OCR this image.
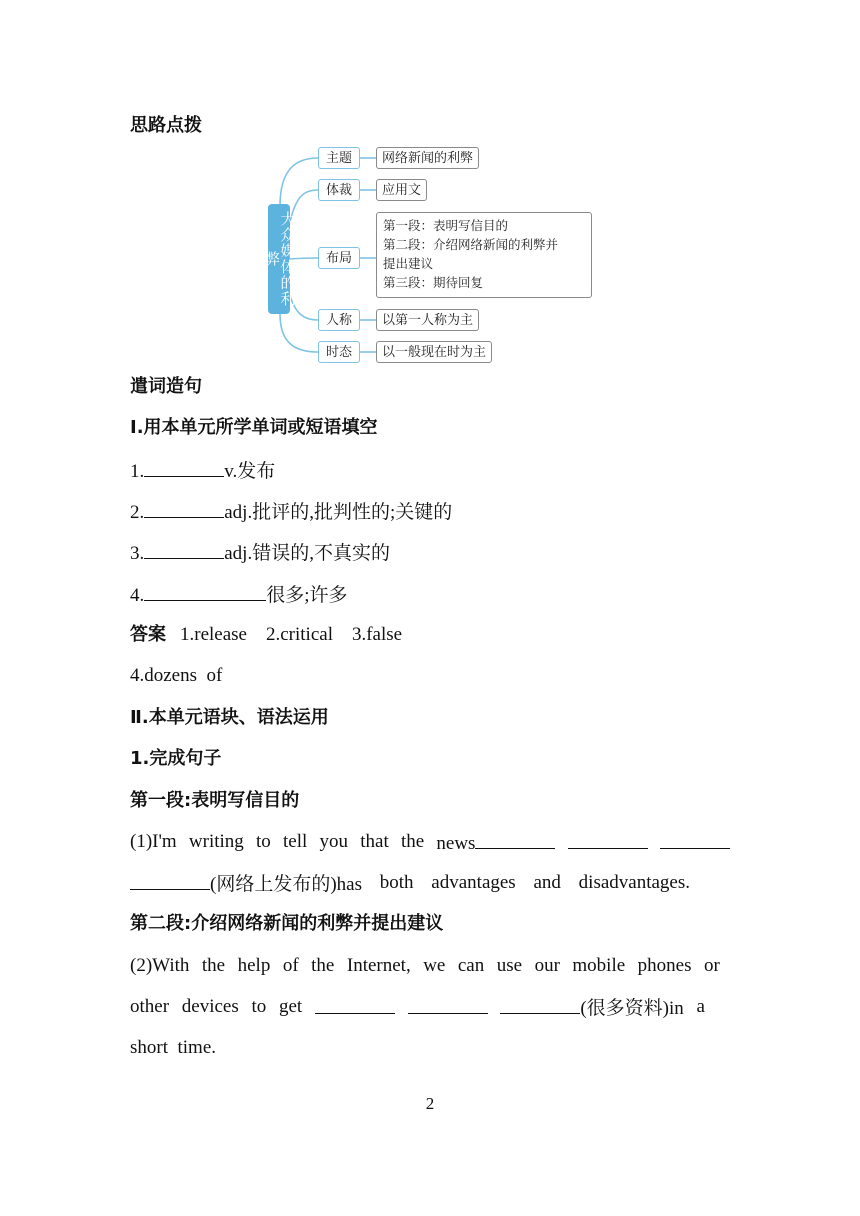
思路点拨
大众媒体的利弊
主题	网络新闻的利弊
体裁	应用文
布局
第一段：表明写信目的
第二段：介绍网络新闻的利弊并
提出建议
第三段：期待回复
人称	以第一人称为主
时态	以一般现在时为主
遣词造句
Ⅰ.用本单元所学单词或短语填空
1.	v.发布
2.	adj.批评的,批判性的;关键的
3.	adj.错误的,不真实的
4.	很多;许多
答案 1.release　2.critical　3.false
4.dozens  of
Ⅱ.本单元语块、语法运用
1.完成句子
第一段:表明写信目的
(1)I'm writing to tell you that the news
(网络上发布的)has both advantages and disadvantages.
第二段:介绍网络新闻的利弊并提出建议
(2)With the help of the Internet, we can use our mobile phones or
other devices to get	(很多资料)in a
short  time.
2
